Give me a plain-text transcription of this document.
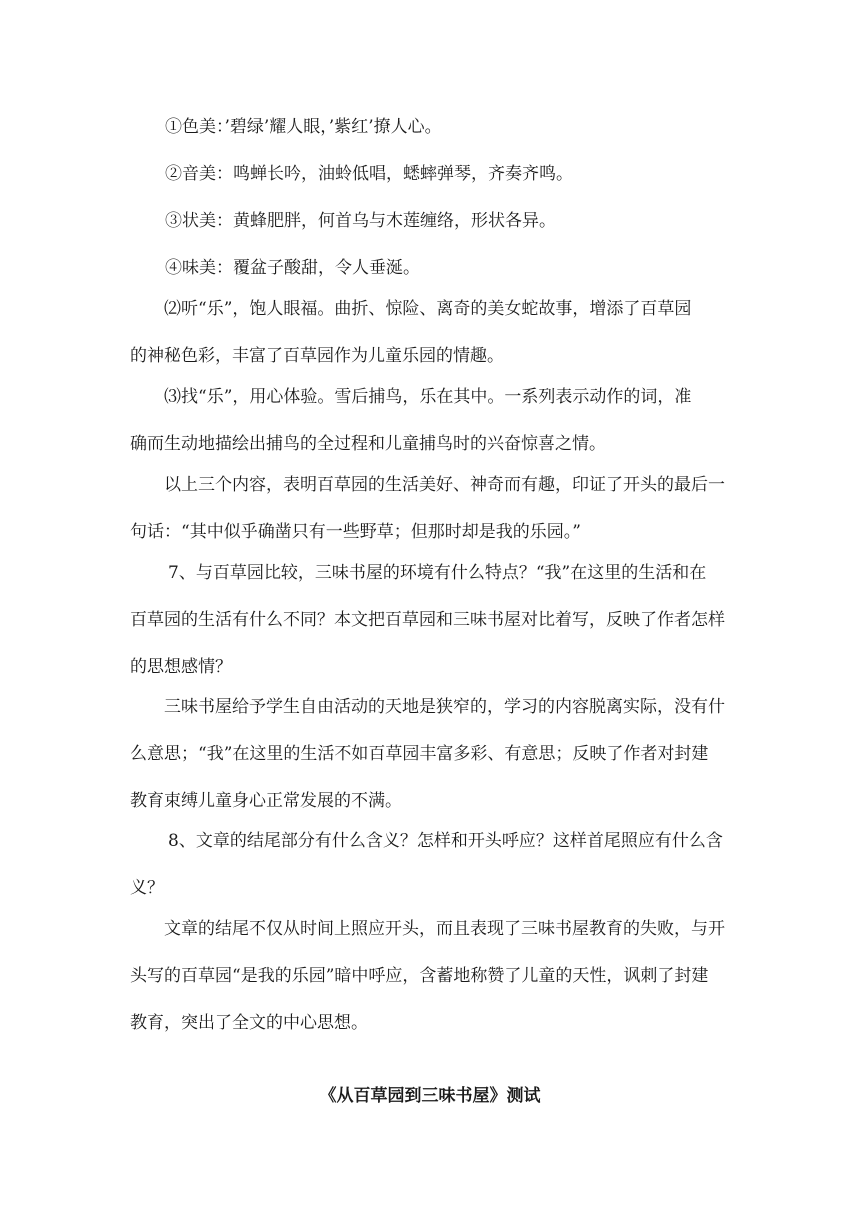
①色美：’碧绿’耀人眼，’紫红’撩人心。
②音美：鸣蝉长吟，油蛉低唱，蟋蟀弹琴，齐奏齐鸣。
③状美：黄蜂肥胖，何首乌与木莲缠络，形状各异。
④味美：覆盆子酸甜，令人垂涎。
⑵听“乐”，饱人眼福。曲折、惊险、离奇的美女蛇故事，增添了百草园
的神秘色彩，丰富了百草园作为儿童乐园的情趣。
⑶找“乐”，用心体验。雪后捕鸟，乐在其中。一系列表示动作的词，准
确而生动地描绘出捕鸟的全过程和儿童捕鸟时的兴奋惊喜之情。
以上三个内容，表明百草园的生活美好、神奇而有趣，印证了开头的最后一
句话：“其中似乎确凿只有一些野草；但那时却是我的乐园。”
7、与百草园比较，三味书屋的环境有什么特点？“我”在这里的生活和在
百草园的生活有什么不同？本文把百草园和三味书屋对比着写，反映了作者怎样
的思想感情？
三味书屋给予学生自由活动的天地是狭窄的，学习的内容脱离实际，没有什
么意思；“我”在这里的生活不如百草园丰富多彩、有意思；反映了作者对封建
教育束缚儿童身心正常发展的不满。
8、文章的结尾部分有什么含义？怎样和开头呼应？这样首尾照应有什么含
义？
文章的结尾不仅从时间上照应开头，而且表现了三味书屋教育的失败，与开
头写的百草园“是我的乐园”暗中呼应，含蓄地称赞了儿童的天性，讽刺了封建
教育，突出了全文的中心思想。
《从百草园到三味书屋》测试
